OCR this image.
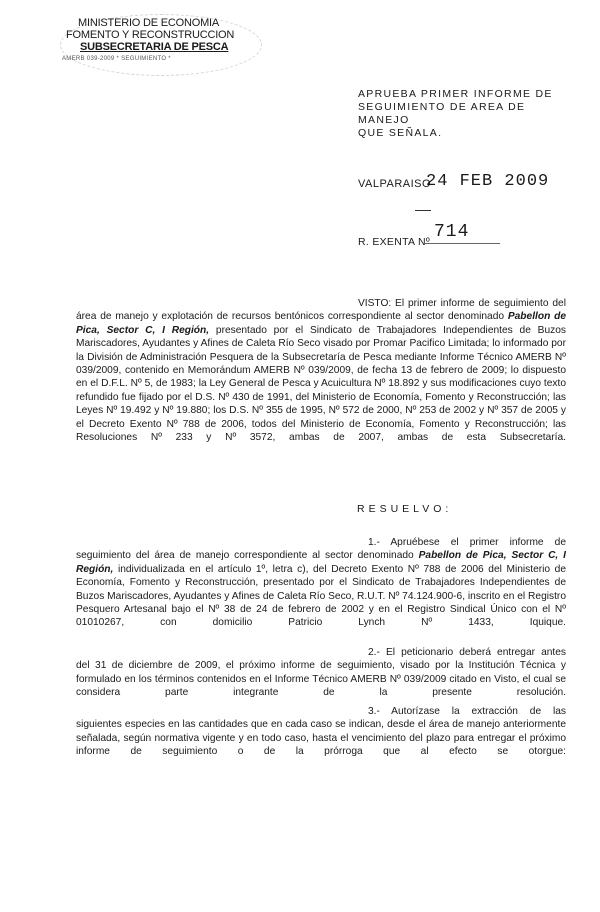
MINISTERIO DE ECONOMIA
FOMENTO Y RECONSTRUCCION
SUBSECRETARIA DE PESCA
AMERB 039-2009 * SEGUIMIENTO *
APRUEBA PRIMER INFORME DE
SEGUIMIENTO DE AREA DE MANEJO
QUE SEÑALA.
VALPARAISO
24 FEB 2009
R. EXENTA Nº 714
VISTO: El primer informe de seguimiento del área de manejo y explotación de recursos bentónicos correspondiente al sector denominado Pabellon de Pica, Sector C, I Región, presentado por el Sindicato de Trabajadores Independientes de Buzos Mariscadores, Ayudantes y Afines de Caleta Río Seco visado por Promar Pacifico Limitada; lo informado por la División de Administración Pesquera de la Subsecretaría de Pesca mediante Informe Técnico AMERB Nº 039/2009, contenido en Memorándum AMERB Nº 039/2009, de fecha 13 de febrero de 2009; lo dispuesto en el D.F.L. Nº 5, de 1983; la Ley General de Pesca y Acuicultura Nº 18.892 y sus modificaciones cuyo texto refundido fue fijado por el D.S. Nº 430 de 1991, del Ministerio de Economía, Fomento y Reconstrucción; las Leyes Nº 19.492 y Nº 19.880; los D.S. Nº 355 de 1995, Nº 572 de 2000, Nº 253 de 2002 y Nº 357 de 2005 y el Decreto Exento Nº 788 de 2006, todos del Ministerio de Economía, Fomento y Reconstrucción; las Resoluciones Nº 233 y Nº 3572, ambas de 2007, ambas de esta Subsecretaría.
RESUELVO:
1.- Apruébese el primer informe de seguimiento del área de manejo correspondiente al sector denominado Pabellon de Pica, Sector C, I Región, individualizada en el artículo 1º, letra c), del Decreto Exento Nº 788 de 2006 del Ministerio de Economía, Fomento y Reconstrucción, presentado por el Sindicato de Trabajadores Independientes de Buzos Mariscadores, Ayudantes y Afines de Caleta Río Seco, R.U.T. Nº 74.124.900-6, inscrito en el Registro Pesquero Artesanal bajo el Nº 38 de 24 de febrero de 2002 y en el Registro Sindical Único con el Nº 01010267, con domicilio Patricio Lynch Nº 1433, Iquique.
2.- El peticionario deberá entregar antes del 31 de diciembre de 2009, el próximo informe de seguimiento, visado por la Institución Técnica y formulado en los términos contenidos en el Informe Técnico AMERB Nº 039/2009 citado en Visto, el cual se considera parte integrante de la presente resolución.
3.- Autorízase la extracción de las siguientes especies en las cantidades que en cada caso se indican, desde el área de manejo anteriormente señalada, según normativa vigente y en todo caso, hasta el vencimiento del plazo para entregar el próximo informe de seguimiento o de la prórroga que al efecto se otorgue:
